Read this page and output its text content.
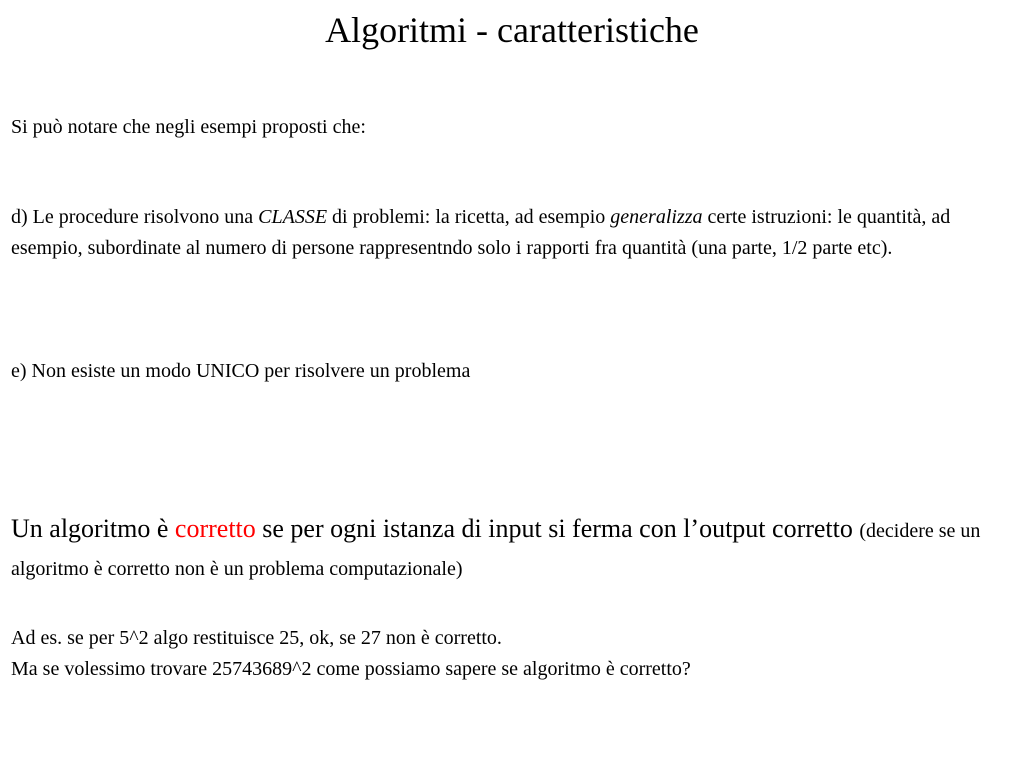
Algoritmi - caratteristiche
Si può notare che negli esempi proposti che:
d) Le procedure risolvono una CLASSE di problemi: la ricetta, ad esempio generalizza certe istruzioni: le quantità, ad esempio, subordinate al numero di persone rappresentndo solo i rapporti fra quantità (una parte, 1/2 parte etc).
e) Non esiste un modo UNICO per risolvere un problema
Un algoritmo è corretto se per ogni istanza di input si ferma con l’output corretto (decidere se un algoritmo è corretto non è un problema computazionale)
Ad es. se per 5^2 algo restituisce 25, ok, se 27 non è corretto.
Ma se volessimo trovare 25743689^2 come possiamo sapere se algoritmo è corretto?
